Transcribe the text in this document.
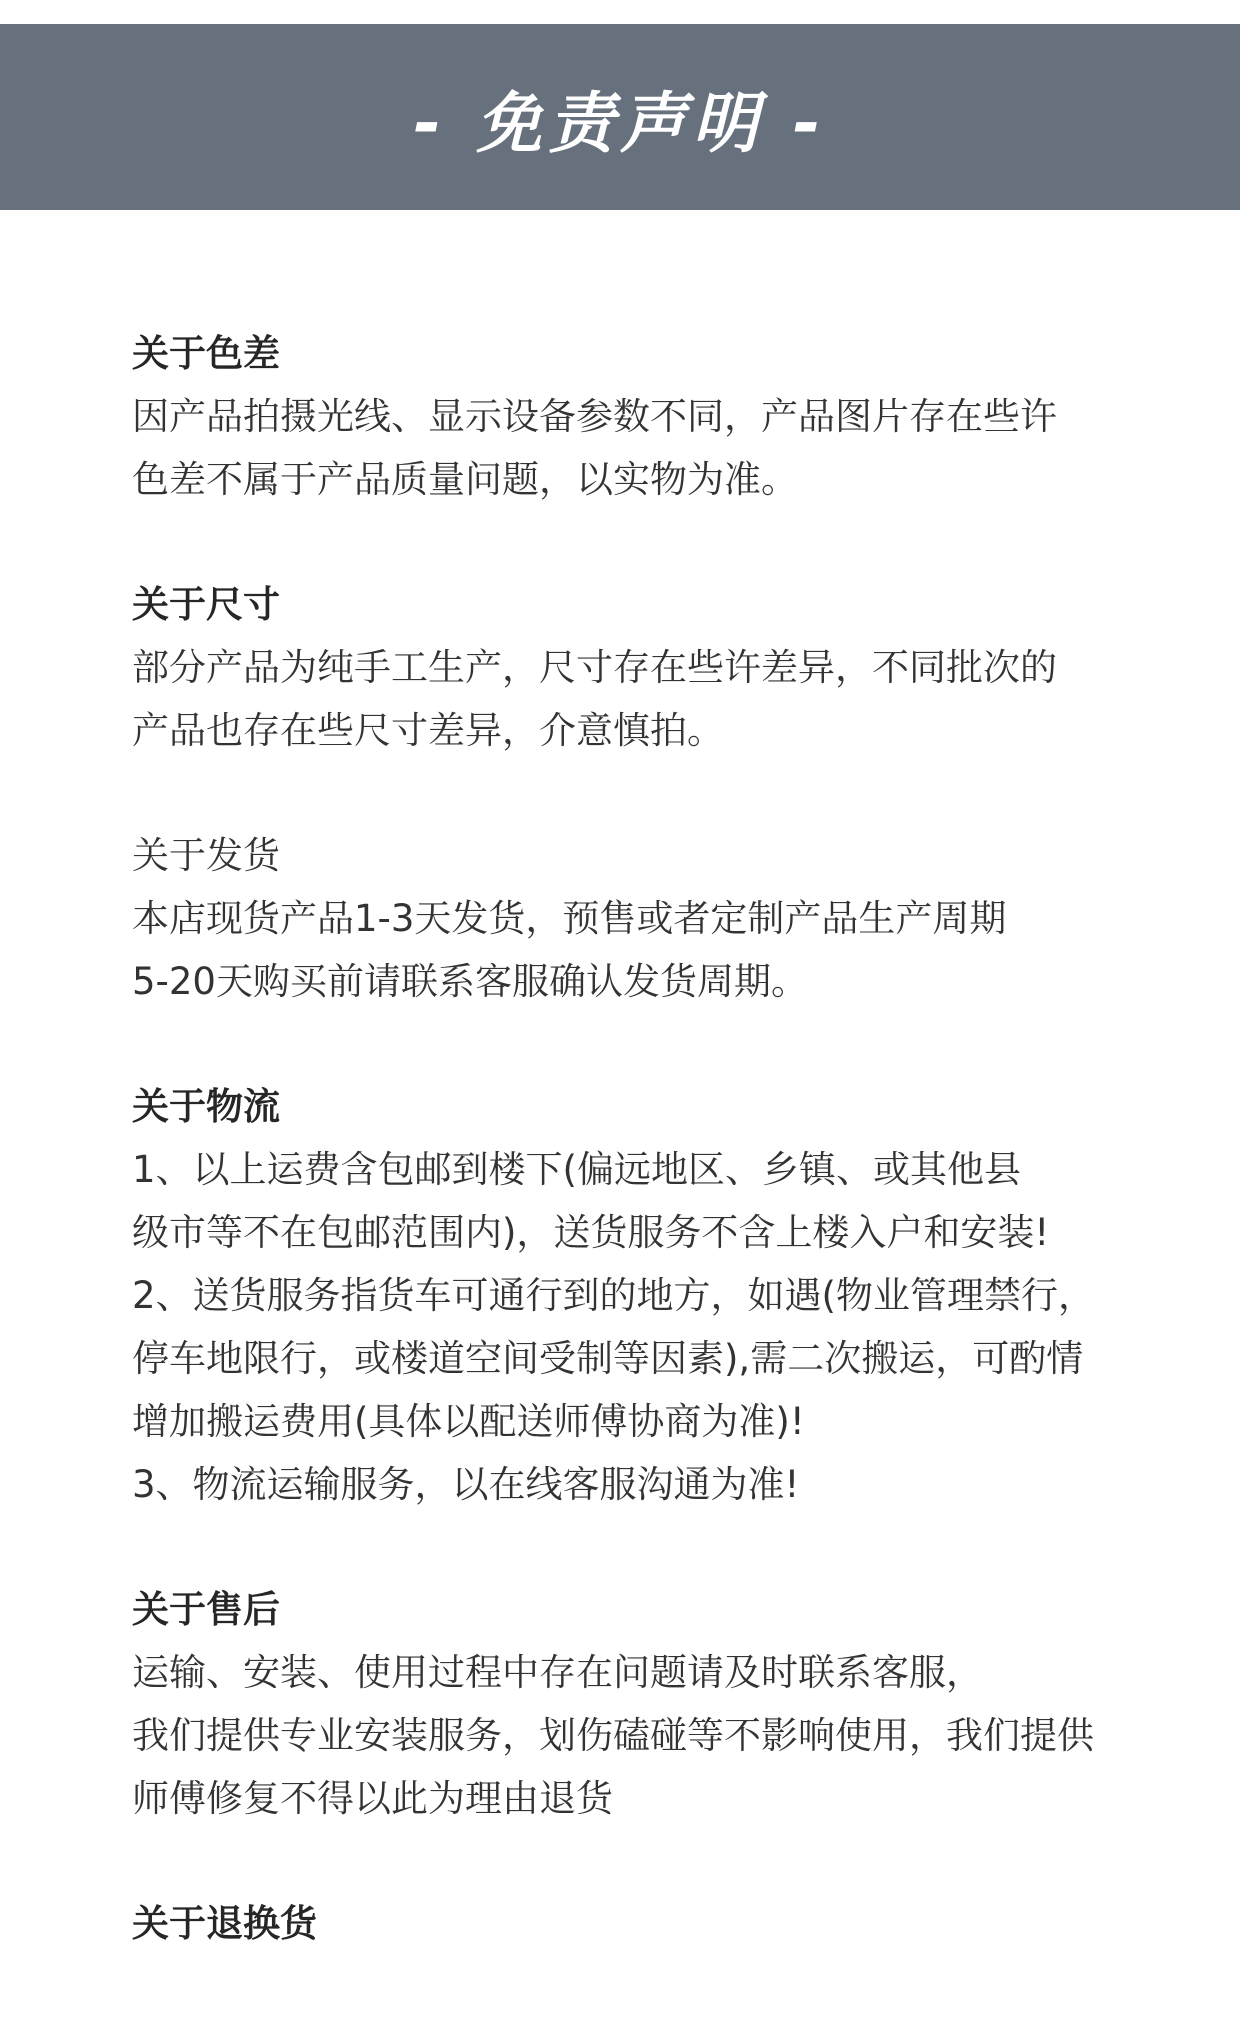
- 免责声明 -
关于色差
因产品拍摄光线、显示设备参数不同，产品图片存在些许
色差不属于产品质量问题，以实物为准。
关于尺寸
部分产品为纯手工生产，尺寸存在些许差异，不同批次的
产品也存在些尺寸差异，介意慎拍。
关于发货
本店现货产品1-3天发货，预售或者定制产品生产周期
5-20天购买前请联系客服确认发货周期。
关于物流
1、以上运费含包邮到楼下(偏远地区、乡镇、或其他县
级市等不在包邮范围内)，送货服务不含上楼入户和安装!
2、送货服务指货车可通行到的地方，如遇(物业管理禁行，
停车地限行，或楼道空间受制等因素),需二次搬运，可酌情
增加搬运费用(具体以配送师傅协商为准)!
3、物流运输服务，以在线客服沟通为准!
关于售后
运输、安装、使用过程中存在问题请及时联系客服，
我们提供专业安装服务，划伤磕碰等不影响使用，我们提供
师傅修复不得以此为理由退货
关于退换货
